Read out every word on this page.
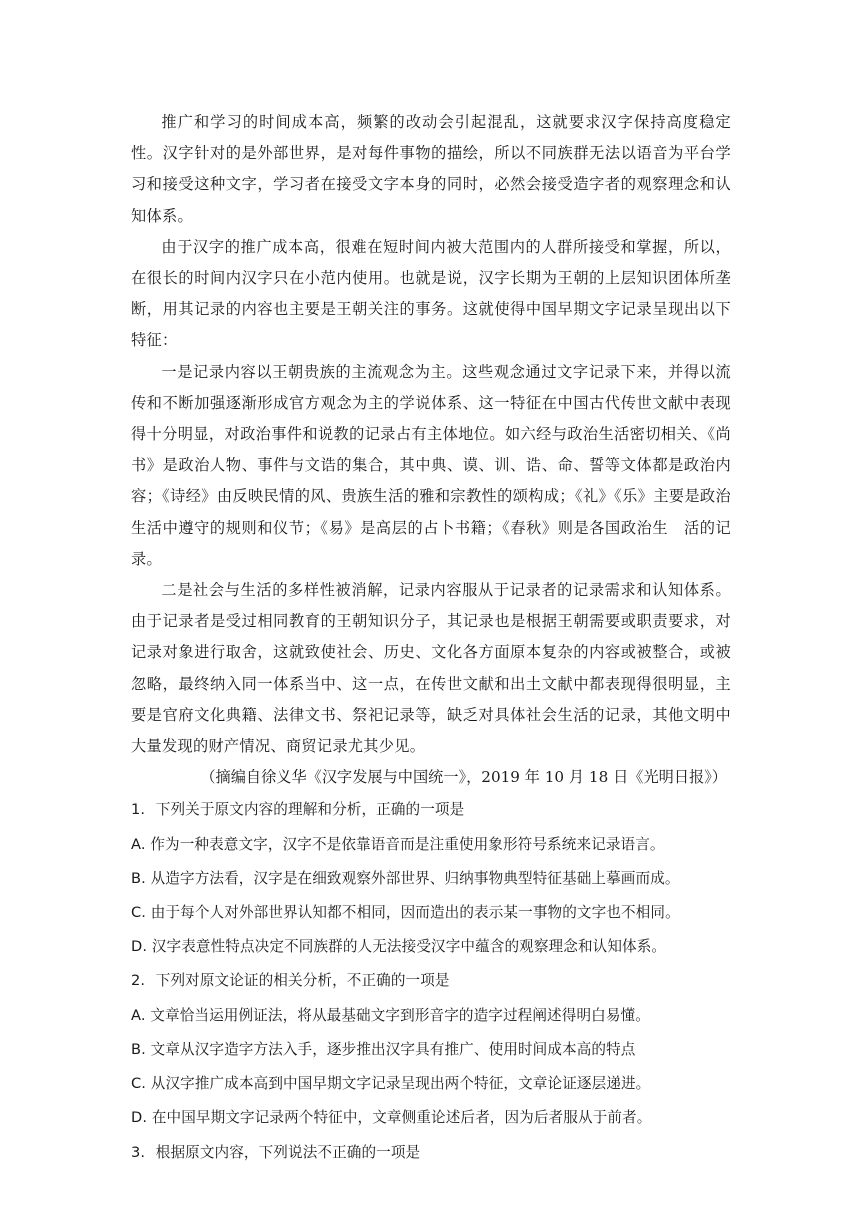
推广和学习的时间成本高，频繁的改动会引起混乱，这就要求汉字保持高度稳定性。汉字针对的是外部世界，是对每件事物的描绘，所以不同族群无法以语音为平台学习和接受这种文字，学习者在接受文字本身的同时，必然会接受造字者的观察理念和认知体系。

由于汉字的推广成本高，很难在短时间内被大范围内的人群所接受和掌握，所以，在很长的时间内汉字只在小范内使用。也就是说，汉字长期为王朝的上层知识团体所垄断，用其记录的内容也主要是王朝关注的事务。这就使得中国早期文字记录呈现出以下特征：

一是记录内容以王朝贵族的主流观念为主。这些观念通过文字记录下来，并得以流传和不断加强逐渐形成官方观念为主的学说体系、这一特征在中国古代传世文献中表现得十分明显，对政治事件和说教的记录占有主体地位。如六经与政治生活密切相关、《尚书》是政治人物、事件与文诰的集合，其中典、谟、训、诰、命、誓等文体都是政治内容；《诗经》由反映民情的风、贵族生活的雅和宗教性的颂构成；《礼》《乐》主要是政治生活中遵守的规则和仪节；《易》是高层的占卜书籍；《春秋》则是各国政治生　活的记录。

二是社会与生活的多样性被消解，记录内容服从于记录者的记录需求和认知体系。由于记录者是受过相同教育的王朝知识分子，其记录也是根据王朝需要或职责要求，对记录对象进行取舍，这就致使社会、历史、文化各方面原本复杂的内容或被整合，或被忽略，最终纳入同一体系当中、这一点，在传世文献和出土文献中都表现得很明显，主要是官府文化典籍、法律文书、祭祀记录等，缺乏对具体社会生活的记录，其他文明中大量发现的财产情况、商贸记录尤其少见。

（摘编自徐义华《汉字发展与中国统一》，2019 年 10 月 18 日《光明日报》）

1. 下列关于原文内容的理解和分析，正确的一项是

A. 作为一种表意文字，汉字不是依靠语音而是注重使用象形符号系统来记录语言。

B. 从造字方法看，汉字是在细致观察外部世界、归纳事物典型特征基础上摹画而成。

C. 由于每个人对外部世界认知都不相同，因而造出的表示某一事物的文字也不相同。

D. 汉字表意性特点决定不同族群的人无法接受汉字中蕴含的观察理念和认知体系。

2. 下列对原文论证的相关分析，不正确的一项是

A. 文章恰当运用例证法，将从最基础文字到形音字的造字过程阐述得明白易懂。

B. 文章从汉字造字方法入手，逐步推出汉字具有推广、使用时间成本高的特点

C. 从汉字推广成本高到中国早期文字记录呈现出两个特征，文章论证逐层递进。

D. 在中国早期文字记录两个特征中，文章侧重论述后者，因为后者服从于前者。

3. 根据原文内容，下列说法不正确的一项是
